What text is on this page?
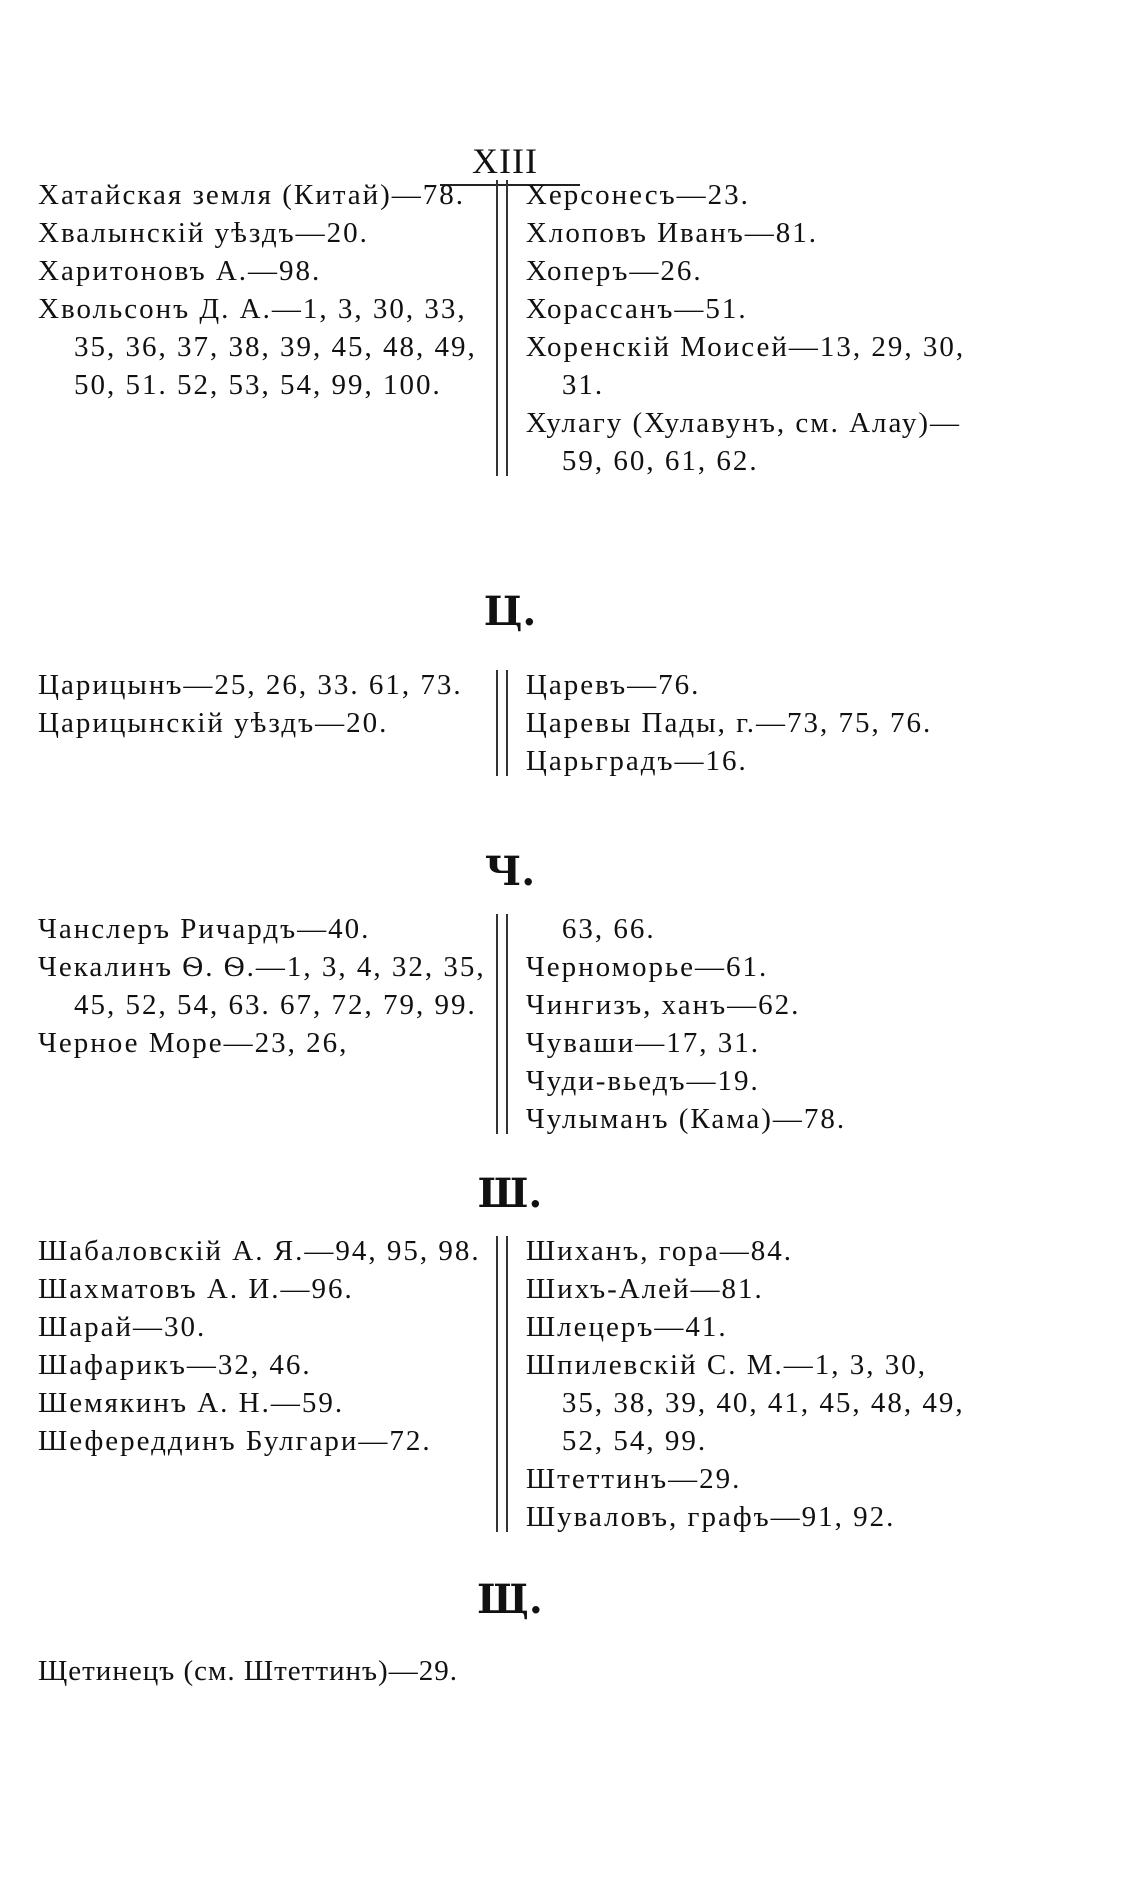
XIII
Хатайская земля (Китай)—78.
Хвалынскій уѣздъ—20.
Харитоновъ А.—98.
Хвольсонъ Д. А.—1, 3, 30, 33, 35, 36, 37, 38, 39, 45, 48, 49, 50, 51. 52, 53, 54, 99, 100.
Херсонесъ—23.
Хлоповъ Иванъ—81.
Хоперъ—26.
Хорассанъ—51.
Хоренскій Моисей—13, 29, 30, 31.
Хулагу (Хулавунъ, см. Алау)—59, 60, 61, 62.
Ц.
Царицынъ—25, 26, 33. 61, 73.
Царицынскій уѣздъ—20.
Царевъ—76.
Царевы Пады, г.—73, 75, 76.
Царьградъ—16.
Ч.
Чанслеръ Ричардъ—40.
Чекалинъ Ѳ. Ѳ.—1, 3, 4, 32, 35, 45, 52, 54, 63. 67, 72, 79, 99.
Черное Море—23, 26,
63, 66.
Черноморье—61.
Чингизъ, ханъ—62.
Чуваши—17, 31.
Чуди-вьедъ—19.
Чулыманъ (Кама)—78.
Ш.
Шабаловскій А. Я.—94, 95, 98.
Шахматовъ А. И.—96.
Шарай—30.
Шафарикъ—32, 46.
Шемякинъ А. Н.—59.
Шефереддинъ Булгари—72.
Шиханъ, гора—84.
Шихъ-Алей—81.
Шлецеръ—41.
Шпилевскій С. М.—1, 3, 30, 35, 38, 39, 40, 41, 45, 48, 49, 52, 54, 99.
Штеттинъ—29.
Шуваловъ, графъ—91, 92.
Щ.
Щетинецъ (см. Штеттинъ)—29.
